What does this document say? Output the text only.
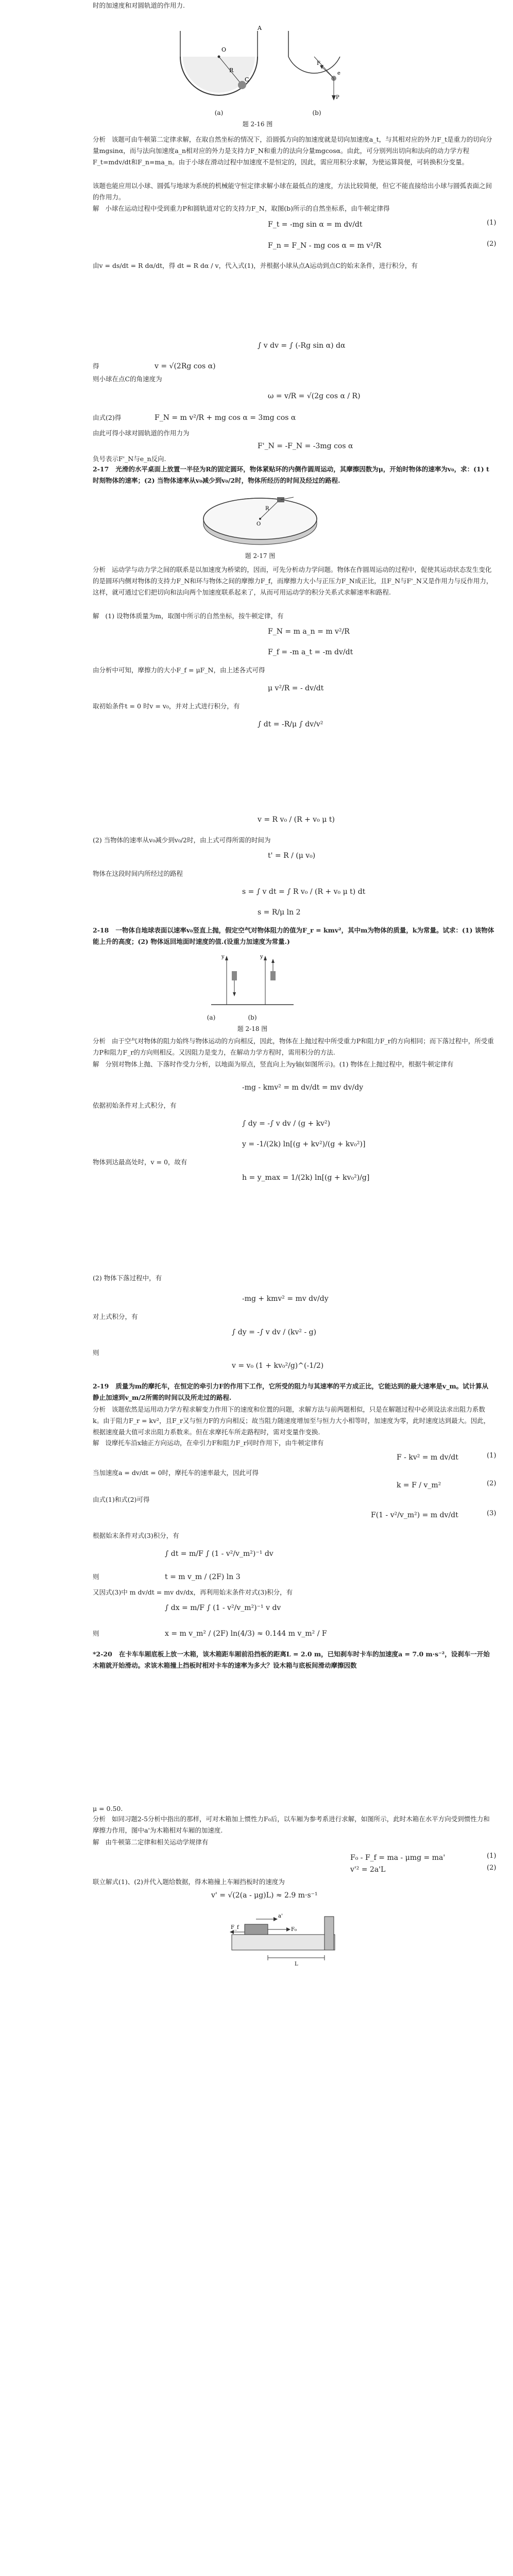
时的加速度和对圆轨道的作用力.
O
R
C
A
P
F
e
(a)	(b)
题 2-16 图
分析   该题可由牛顿第二定律求解，在取自然坐标的情况下，沿圆弧方向的加速度就是切向加速度a_t，与其相对应的外力F_t是重力的切向分量mgsinα，而与法向加速度a_n相对应的外力是支持力F_N和重力的法向分量mgcosα。由此，可分别列出切向和法向的动力学方程F_t=mdv/dt和F_n=ma_n。由于小球在滑动过程中加速度不是恒定的，因此，需应用积分求解，为使运算简便，可转换积分变量。
该题也能应用以小球、圆弧与地球为系统的机械能守恒定律求解小球在最低点的速度，方法比较简便，但它不能直接给出小球与圆弧表面之间的作用力。
解   小球在运动过程中受到重力P和圆轨道对它的支持力F_N，取图(b)所示的自然坐标系，由牛顿定律得
F_t = -mg sin α = m dv/dt	(1)
F_n = F_N - mg cos α = m v²/R	(2)
由v = ds/dt = R dα/dt，得 dt = R dα / v，代入式(1)，并根据小球从点A运动到点C的始末条件，进行积分，有
∫ v dv = ∫ (-Rg sin α) dα
得	v = √(2Rg cos α)
则小球在点C的角速度为
ω = v/R = √(2g cos α / R)
由式(2)得	F_N = m v²/R + mg cos α = 3mg cos α
由此可得小球对圆轨道的作用力为
F'_N = -F_N = -3mg cos α
负号表示F'_N与e_n反向.
2-17   光滑的水平桌面上放置一半径为R的固定圆环，物体紧贴环的内侧作圆周运动，其摩擦因数为μ，开始时物体的速率为v₀，求：(1) t 时刻物体的速率；(2) 当物体速率从v₀减少到v₀/2时，物体所经历的时间及经过的路程.
R
O
题 2-17 图
分析   运动学与动力学之间的联系是以加速度为桥梁的，因而，可先分析动力学问题。物体在作圆周运动的过程中，促使其运动状态发生变化的是圆环内侧对物体的支持力F_N和环与物体之间的摩擦力F_f，而摩擦力大小与正压力F_N成正比，且F_N与F'_N又是作用力与反作用力，这样，就可通过它们把切向和法向两个加速度联系起来了，从而可用运动学的积分关系式求解速率和路程.
解   (1) 设物体质量为m，取图中所示的自然坐标，按牛顿定律，有
F_N = m a_n = m v²/R
F_f = -m a_t = -m dv/dt
由分析中可知，摩擦力的大小F_f = μF_N，由上述各式可得
μ v²/R = - dv/dt
取初始条件t = 0 时v = v₀，并对上式进行积分，有
∫ dt = -R/μ ∫ dv/v²
v = R v₀ / (R + v₀ μ t)
(2) 当物体的速率从v₀减少到v₀/2时，由上式可得所需的时间为
t' = R / (μ v₀)
物体在这段时间内所经过的路程
s = ∫ v dt = ∫ R v₀ / (R + v₀ μ t) dt
s = R/μ ln 2
2-18   一物体自地球表面以速率v₀竖直上抛，假定空气对物体阻力的值为F_r = kmv²，其中m为物体的质量，k为常量。试求：(1) 该物体能上升的高度；(2) 物体返回地面时速度的值.(设重力加速度为常量.)
y	y
(a)	(b)
题 2-18 图
分析   由于空气对物体的阻力始终与物体运动的方向相反，因此，物体在上抛过程中所受重力P和阻力F_r的方向相同；而下落过程中，所受重力P和阻力F_r的方向则相反。又因阻力是变力，在解动力学方程时，需用积分的方法.
解   分别对物体上抛、下落时作受力分析，以地面为原点，竖直向上为y轴(如图所示)。(1) 物体在上抛过程中，根据牛顿定律有
-mg - kmv² = m dv/dt = mv dv/dy
依据初始条件对上式积分，有
∫ dy = -∫ v dv / (g + kv²)
y = -1/(2k) ln[(g + kv²)/(g + kv₀²)]
物体到达最高处时，v = 0，故有
h = y_max = 1/(2k) ln[(g + kv₀²)/g]
(2) 物体下落过程中，有
-mg + kmv² = mv dv/dy
对上式积分，有
∫ dy = -∫ v dv / (kv² - g)
则
v = v₀ (1 + kv₀²/g)^(-1/2)
2-19   质量为m的摩托车，在恒定的牵引力F的作用下工作，它所受的阻力与其速率的平方成正比，它能达到的最大速率是v_m。试计算从静止加速到v_m/2所需的时间以及所走过的路程.
分析   该题依然是运用动力学方程求解变力作用下的速度和位置的问题，求解方法与前两题相似，只是在解题过程中必须设法求出阻力系数k。由于阻力F_r = kv²，且F_r又与恒力F的方向相反；故当阻力随速度增加至与恒力大小相等时，加速度为零，此时速度达到最大。因此，根据速度最大值可求出阻力系数来。但在求摩托车所走路程时，需对变量作变换.
解   设摩托车沿x轴正方向运动，在牵引力F和阻力F_r同时作用下，由牛顿定律有
F - kv² = m dv/dt	(1)
当加速度a = dv/dt = 0时，摩托车的速率最大，因此可得
k = F / v_m²	(2)
由式(1)和式(2)可得
F(1 - v²/v_m²) = m dv/dt	(3)
根据始末条件对式(3)积分，有
∫ dt = m/F ∫ (1 - v²/v_m²)⁻¹ dv
则	t = m v_m / (2F) ln 3
又因式(3)中 m dv/dt = mv dv/dx，再利用始末条件对式(3)积分，有
∫ dx = m/F ∫ (1 - v²/v_m²)⁻¹ v dv
则	x = m v_m² / (2F) ln(4/3) ≈ 0.144 m v_m² / F
*2-20   在卡车车厢底板上放一木箱，该木箱距车厢前沿挡板的距离L = 2.0 m，已知刹车时卡车的加速度a = 7.0 m·s⁻²，设刹车一开始木箱就开始滑动。求该木箱撞上挡板时相对卡车的速率为多大？设木箱与底板间滑动摩擦因数
μ = 0.50.
分析   如同习题2-5分析中指出的那样，可对木箱加上惯性力F₀后，以车厢为参考系进行求解，如图所示，此时木箱在水平方向受到惯性力和摩擦力作用，图中a'为木箱相对车厢的加速度.
解   由牛顿第二定律和相关运动学规律有
F₀ - F_f = ma - μmg = ma'	(1)
v'² = 2a'L	(2)
联立解式(1)、(2)并代入题给数据，得木箱撞上车厢挡板时的速度为
v' = √(2(a - μg)L) ≈ 2.9 m·s⁻¹
F₀
F_f
a'
L
